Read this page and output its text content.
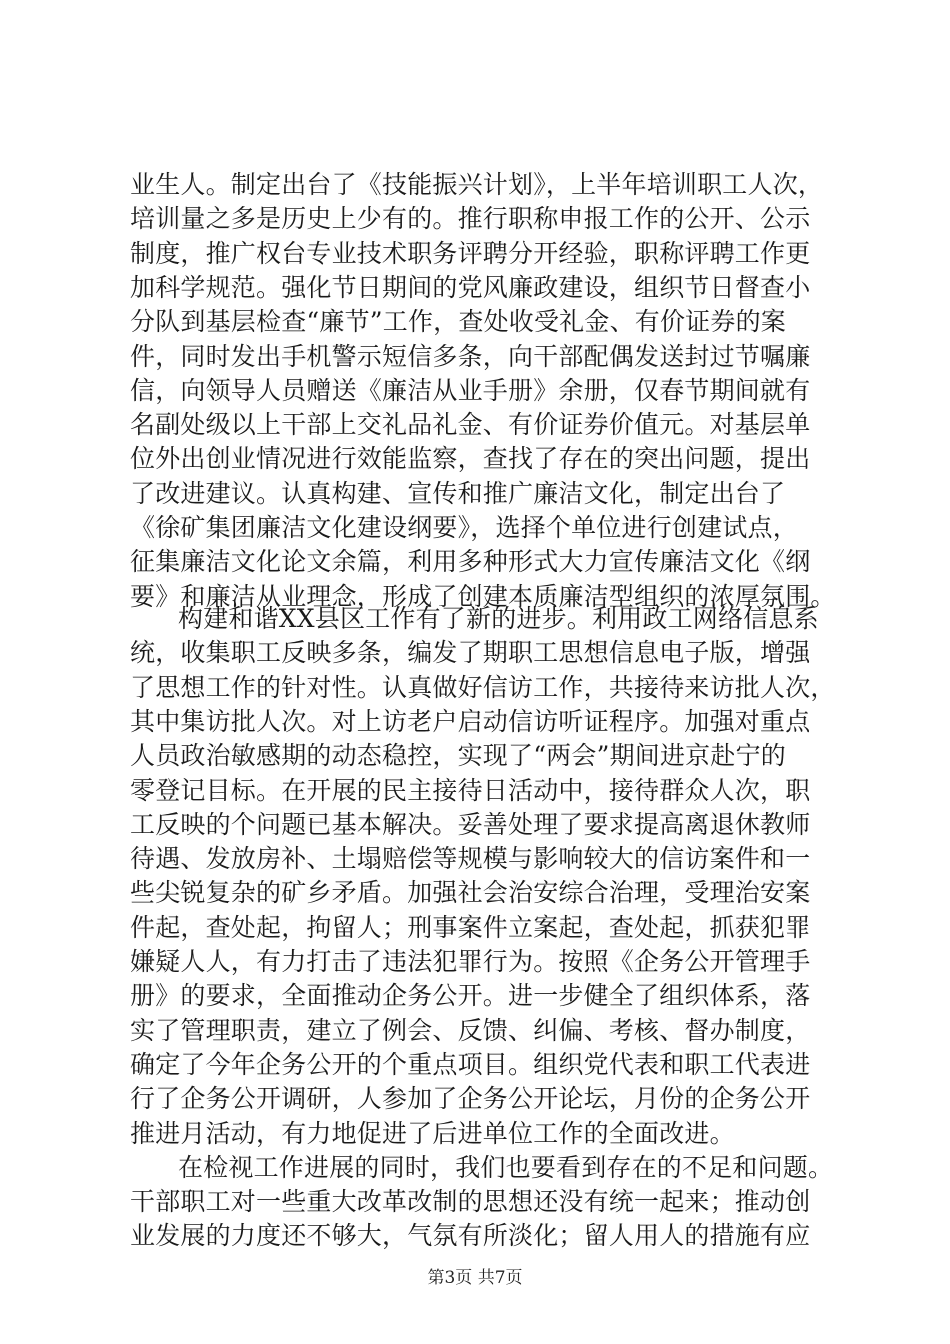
业生人。制定出台了《技能振兴计划》，上半年培训职工人次，
培训量之多是历史上少有的。推行职称申报工作的公开、公示
制度，推广权台专业技术职务评聘分开经验，职称评聘工作更
加科学规范。强化节日期间的党风廉政建设，组织节日督查小
分队到基层检查“廉节”工作，查处收受礼金、有价证券的案
件，同时发出手机警示短信多条，向干部配偶发送封过节嘱廉
信，向领导人员赠送《廉洁从业手册》余册，仅春节期间就有
名副处级以上干部上交礼品礼金、有价证券价值元。对基层单
位外出创业情况进行效能监察，查找了存在的突出问题，提出
了改进建议。认真构建、宣传和推广廉洁文化，制定出台了
《徐矿集团廉洁文化建设纲要》，选择个单位进行创建试点，
征集廉洁文化论文余篇，利用多种形式大力宣传廉洁文化《纲
要》和廉洁从业理念，形成了创建本质廉洁型组织的浓厚氛围。
构建和谐XX县区工作有了新的进步。利用政工网络信息系
统，收集职工反映多条，编发了期职工思想信息电子版，增强
了思想工作的针对性。认真做好信访工作，共接待来访批人次，
其中集访批人次。对上访老户启动信访听证程序。加强对重点
人员政治敏感期的动态稳控，实现了“两会”期间进京赴宁的
零登记目标。在开展的民主接待日活动中，接待群众人次，职
工反映的个问题已基本解决。妥善处理了要求提高离退休教师
待遇、发放房补、土塌赔偿等规模与影响较大的信访案件和一
些尖锐复杂的矿乡矛盾。加强社会治安综合治理，受理治安案
件起，查处起，拘留人；刑事案件立案起，查处起，抓获犯罪
嫌疑人人，有力打击了违法犯罪行为。按照《企务公开管理手
册》的要求，全面推动企务公开。进一步健全了组织体系，落
实了管理职责，建立了例会、反馈、纠偏、考核、督办制度，
确定了今年企务公开的个重点项目。组织党代表和职工代表进
行了企务公开调研，人参加了企务公开论坛，月份的企务公开
推进月活动，有力地促进了后进单位工作的全面改进。
在检视工作进展的同时，我们也要看到存在的不足和问题。
干部职工对一些重大改革改制的思想还没有统一起来；推动创
业发展的力度还不够大，气氛有所淡化；留人用人的措施有应
第3页 共7页
